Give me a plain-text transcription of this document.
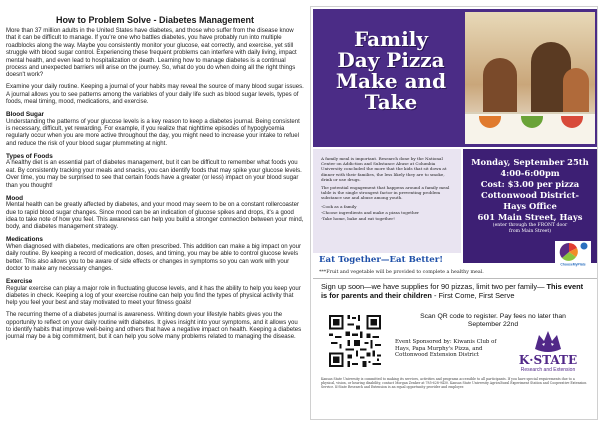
How to Problem Solve - Diabetes Management

More than 37 million adults in the United States have diabetes, and those who suffer from the disease know that it can be difficult to manage. If you're one who battles diabetes, you have probably run into multiple roadblocks along the way. Maybe you consistently monitor your glucose, eat correctly, and exercise, yet still struggle with blood sugar control. Experiencing these frequent problems can interfere with daily living, impact mental health, and even lead to hospitalization or death. Learning how to manage diabetes is a continual process and unexpected barriers will arise on the journey. So, what do you do when doing all the right things doesn't work?

Examine your daily routine. Keeping a journal of your habits may reveal the source of many blood sugar issues. A journal allows you to see patterns among the variables of your daily life such as blood sugar levels, types of foods, meal timing, mood, medications, and exercise.

Blood Sugar

Understanding the patterns of your glucose levels is a key reason to keep a diabetes journal. Being consistent is necessary, difficult, yet rewarding. For example, if you realize that nighttime episodes of hypoglycemia regularly occur when you are more active throughout the day, you might need to increase your intake to refuel and reduce the risk of your blood sugar plummeting at night.

Types of Foods

A healthy diet is an essential part of diabetes management, but it can be difficult to remember what foods you eat. By consistently tracking your meals and snacks, you can identify foods that may spike your glucose levels. Over time, you may be surprised to see that certain foods have a greater (or less) impact on your blood sugar than you thought!

Mood

Mental health can be greatly affected by diabetes, and your mood may seem to be on a constant rollercoaster due to rapid blood sugar changes. Since mood can be an indication of glucose spikes and drops, it's a good idea to take note of how you feel. This awareness can help you build a stronger connection between your mind, body, and diabetes management strategy.

Medications

When diagnosed with diabetes, medications are often prescribed. This addition can make a big impact on your daily routine. By keeping a record of medication, doses, and timing, you may be able to control glucose levels better. This also allows you to be aware of side effects or changes in symptoms so you can work with your doctor to make any necessary changes.

Exercise

Regular exercise can play a major role in fluctuating glucose levels, and it has the ability to help you keep your diabetes in check. Keeping a log of your exercise routine can help you find the types of physical activity that help you feel your best and stay motivated to meet your fitness goals!

The recurring theme of a diabetes journal is awareness. Writing down your lifestyle habits gives you the opportunity to reflect on your daily routine with diabetes. It gives insight into your symptoms, and it allows you to identify habits that improve well-being and others that have a negative impact on health. Keeping a diabetes journal may be a big commitment, but it can help you solve many problems related to managing the disease.

Family
Day Pizza
Make and
Take

A family meal is important. Research done by the National Center on Addiction and Substance Abuse at Columbia University concluded the more that the kids that sit down at dinner with their families, the less likely they are to smoke, drink or use drugs.

The potential engagement that happens around a family meal table is the single strongest factor in preventing problem substance use and abuse among youth.

-Cook as a family

-Choose ingredients and make a pizza together

-Take home, bake and eat together!

Monday, September 25th
4:00-6:00pm
Cost: $3.00 per pizza
Cottonwood District-
Hays Office
601 Main Street, Hays
(enter through the FRONT door
from Main Street)
ChooseMyPlate
Eat Together—Eat Better!
***Fruit and vegetable will be provided to complete a healthy meal.
Sign up soon—we have supplies for 90 pizzas, limit two per family— This event is for parents and their children - First Come, First Serve
Scan QR code to register. Pay fees no later than
September 22nd
Event Sponsored by: Kiwanis Club of Hays, Papa Murphy's Pizza, and Cottonwood Extension District	K·STATE
Research and Extension
Kansas State University is committed to making its services, activities and programs accessible to all participants. If you have special requirements due to a physical, vision, or hearing disability, contact Morgan Zenker at 785-628-9430. Kansas State University Agricultural Experiment Station and Cooperative Extension Service. K-State Research and Extension is an equal opportunity provider and employer.
